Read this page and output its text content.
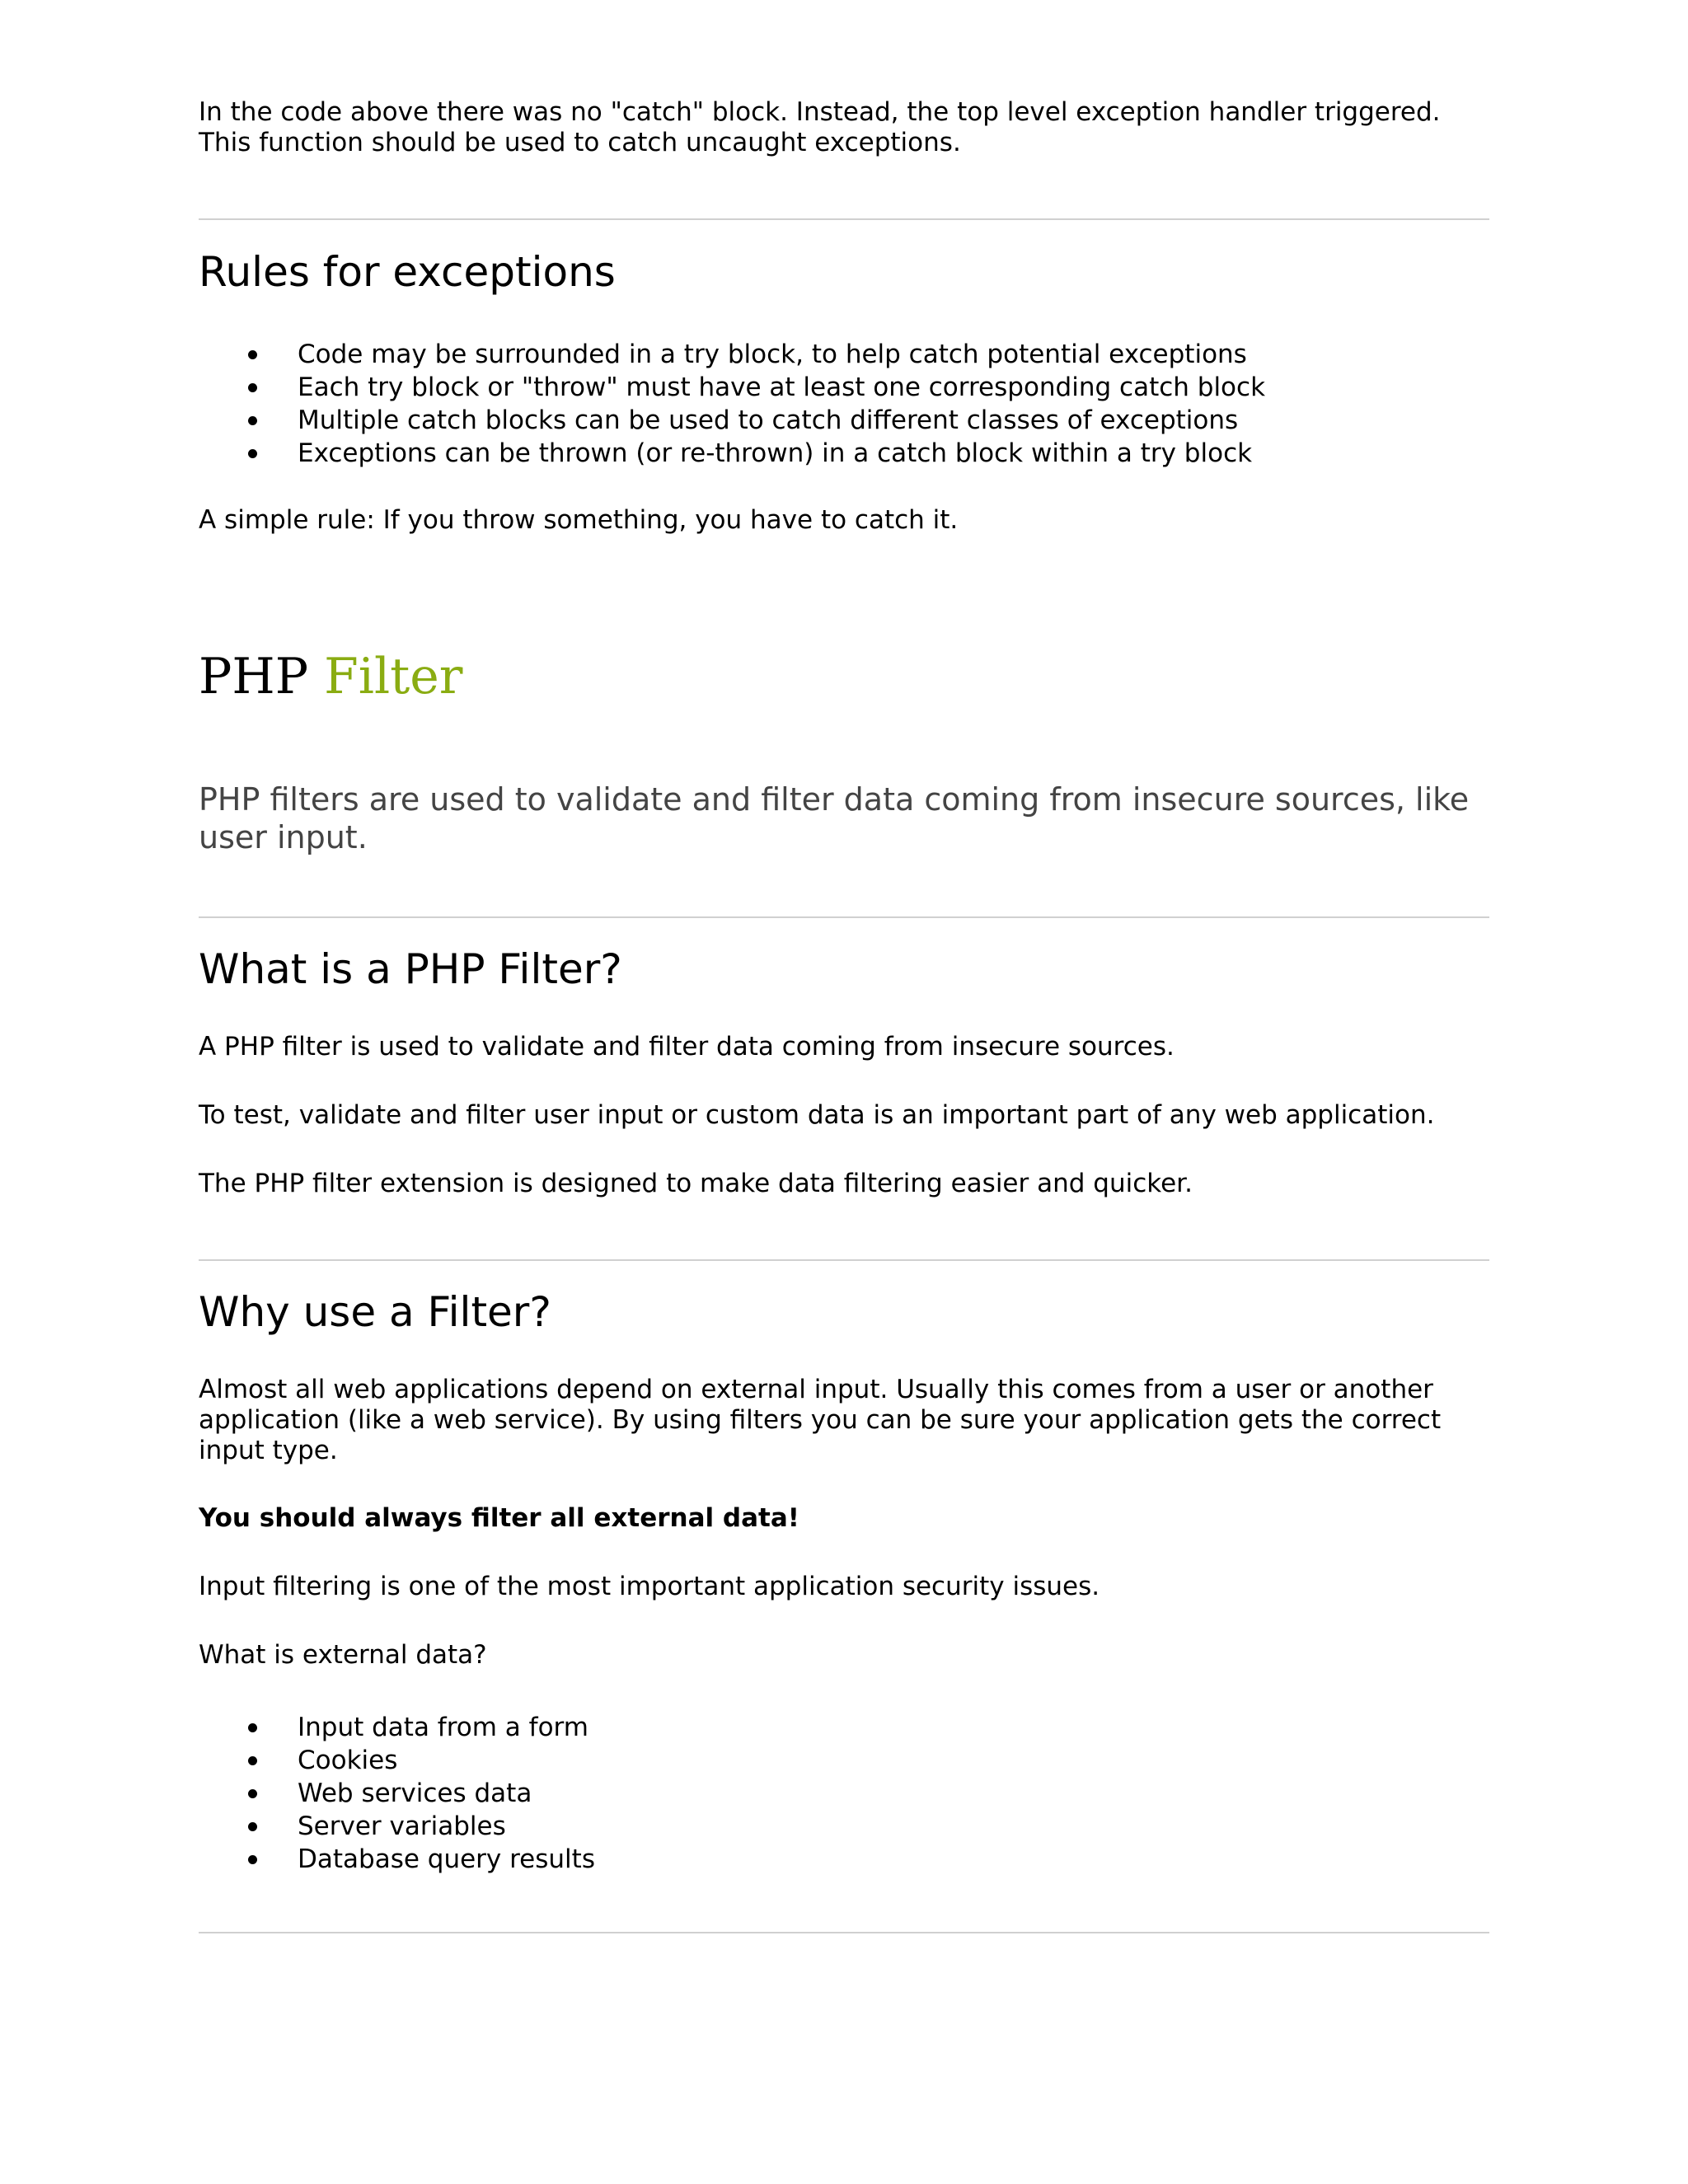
In the code above there was no "catch" block. Instead, the top level exception handler triggered. This function should be used to catch uncaught exceptions.

Rules for exceptions
Code may be surrounded in a try block, to help catch potential exceptions
Each try block or "throw" must have at least one corresponding catch block
Multiple catch blocks can be used to catch different classes of exceptions
Exceptions can be thrown (or re-thrown) in a catch block within a try block

A simple rule: If you throw something, you have to catch it.

PHP Filter

PHP filters are used to validate and filter data coming from insecure sources, like user input.

What is a PHP Filter?

A PHP filter is used to validate and filter data coming from insecure sources.

To test, validate and filter user input or custom data is an important part of any web application.

The PHP filter extension is designed to make data filtering easier and quicker.

Why use a Filter?

Almost all web applications depend on external input. Usually this comes from a user or another application (like a web service). By using filters you can be sure your application gets the correct input type.

You should always filter all external data!

Input filtering is one of the most important application security issues.

What is external data?

Input data from a form
Cookies
Web services data
Server variables
Database query results
